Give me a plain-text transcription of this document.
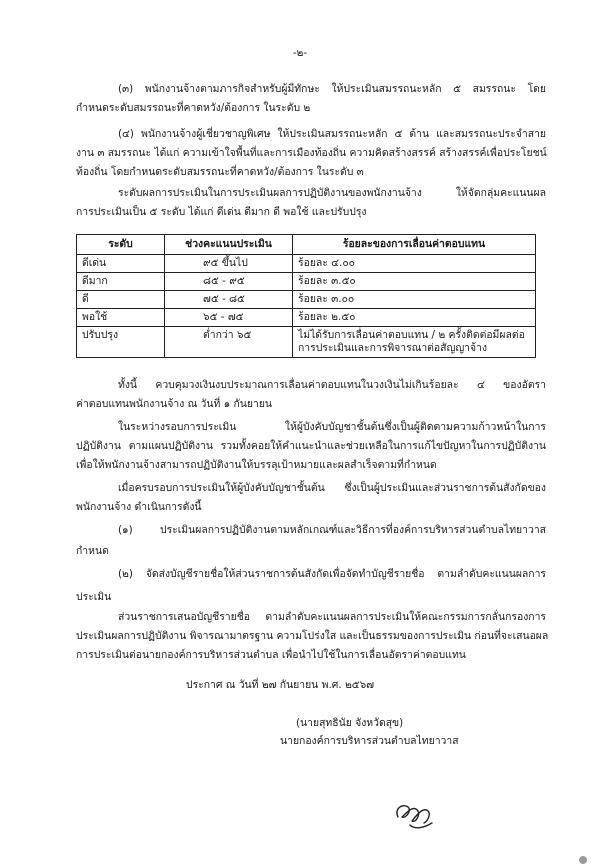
-๒-
(๓) พนักงานจ้างตามภารกิจสำหรับผู้มีทักษะ ให้ประเมินสมรรถนะหลัก ๕ สมรรถนะ โดย
กำหนดระดับสมรรถนะที่คาดหวัง/ต้องการ ในระดับ ๒
(๔) พนักงานจ้างผู้เชี่ยวชาญพิเศษ ให้ประเมินสมรรถนะหลัก ๕ ด้าน และสมรรถนะประจำสาย
งาน ๓ สมรรถนะ ได้แก่ ความเข้าใจพื้นที่และการเมืองท้องถิ่น ความคิดสร้างสรรค์ สร้างสรรค์เพื่อประโยชน์
ท้องถิ่น โดยกำหนดระดับสมรรถนะที่คาดหวัง/ต้องการ ในระดับ ๓
ระดับผลการประเมินในการประเมินผลการปฏิบัติงานของพนักงานจ้าง ให้จัดกลุ่มคะแนนผล
การประเมินเป็น ๕ ระดับ ได้แก่ ดีเด่น ดีมาก ดี พอใช้ และปรับปรุง
ระดับ	ช่วงคะแนนประเมิน	ร้อยละของการเลื่อนค่าตอบแทน
ดีเด่น	๙๕ ขึ้นไป	ร้อยละ ๔.๐๐
ดีมาก	๘๕ - ๙๕	ร้อยละ ๓.๕๐
ดี	๗๕ - ๘๕	ร้อยละ ๓.๐๐
พอใช้	๖๕ - ๗๕	ร้อยละ ๒.๕๐
ปรับปรุง	ต่ำกว่า ๖๕	ไม่ได้รับการเลื่อนค่าตอบแทน / ๒ ครั้งติดต่อมีผลต่อ
การประเมินและการพิจารณาต่อสัญญาจ้าง
ทั้งนี้ ควบคุมวงเงินงบประมาณการเลื่อนค่าตอบแทนในวงเงินไม่เกินร้อยละ ๔ ของอัตรา
ค่าตอบแทนพนักงานจ้าง ณ วันที่ ๑ กันยายน
ในระหว่างรอบการประเมิน ให้ผู้บังคับบัญชาชั้นต้นซึ่งเป็นผู้ติดตามความก้าวหน้าในการ
ปฏิบัติงาน ตามแผนปฏิบัติงาน รวมทั้งคอยให้คำแนะนำและช่วยเหลือในการแก้ไขปัญหาในการปฏิบัติงาน
เพื่อให้พนักงานจ้างสามารถปฏิบัติงานให้บรรลุเป้าหมายและผลสำเร็จตามที่กำหนด
เมื่อครบรอบการประเมินให้ผู้บังคับบัญชาชั้นต้น ซึ่งเป็นผู้ประเมินและส่วนราชการต้นสังกัดของ
พนักงานจ้าง ดำเนินการดังนี้
(๑) ประเมินผลการปฏิบัติงานตามหลักเกณฑ์และวิธีการที่องค์การบริหารส่วนตำบลไทยาวาส
กำหนด
(๒) จัดส่งบัญชีรายชื่อให้ส่วนราชการต้นสังกัดเพื่อจัดทำบัญชีรายชื่อ ตามลำดับคะแนนผลการ
ประเมิน
ส่วนราชการเสนอบัญชีรายชื่อ ตามลำดับคะแนนผลการประเมินให้คณะกรรมการกลั่นกรองการ
ประเมินผลการปฏิบัติงาน พิจารณามาตรฐาน ความโปร่งใส และเป็นธรรมของการประเมิน ก่อนที่จะเสนอผล
การประเมินต่อนายกองค์การบริหารส่วนตำบล เพื่อนำไปใช้ในการเลื่อนอัตราค่าตอบแทน
ประกาศ ณ วันที่ ๒๗ กันยายน พ.ศ. ๒๕๖๗
(นายสุทธินัย จังหวัดสุข)
นายกองค์การบริหารส่วนตำบลไทยาวาส
